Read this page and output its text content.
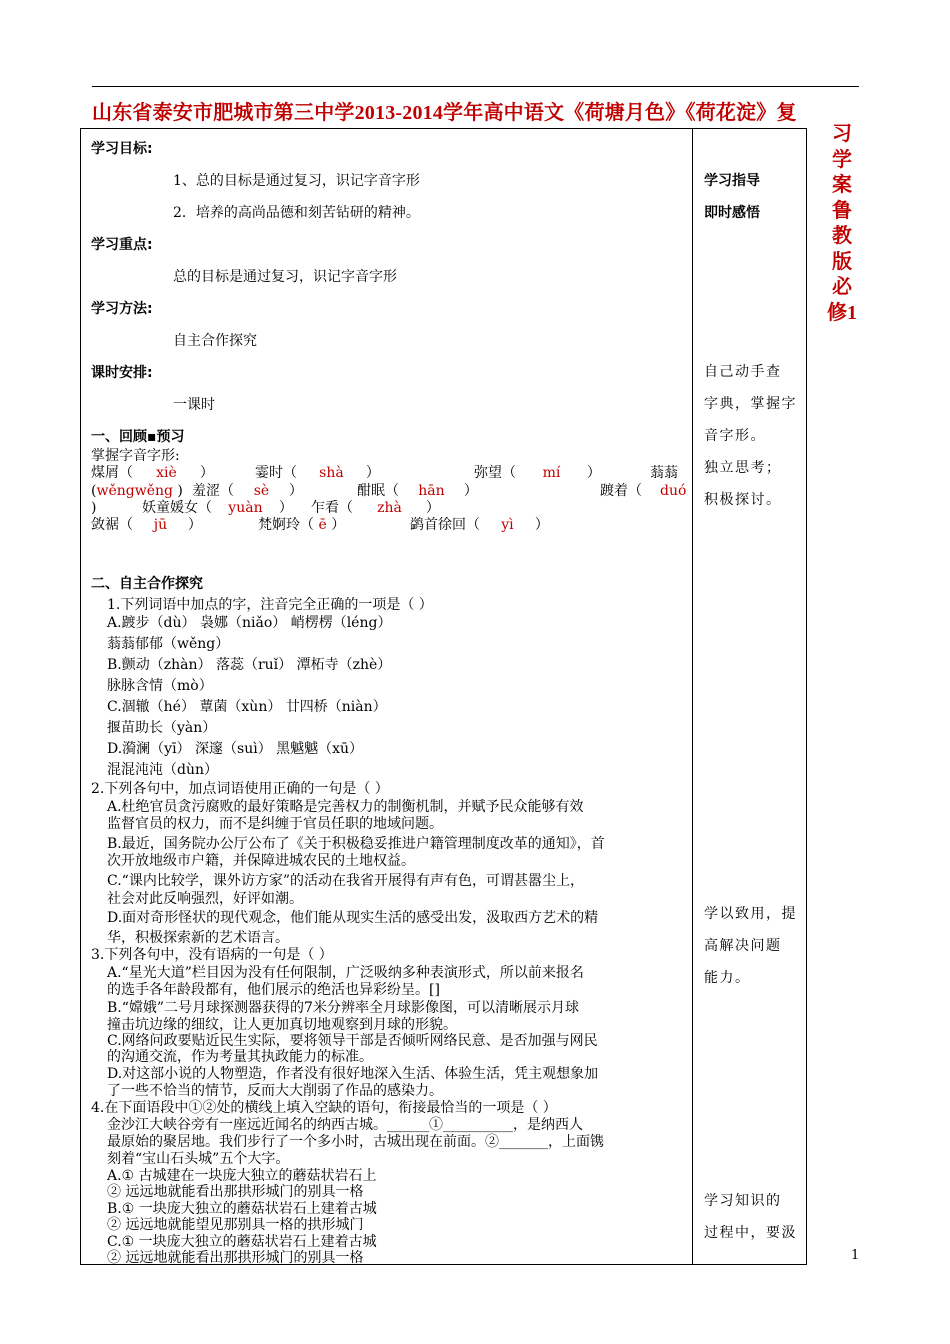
山东省泰安市肥城市第三中学2013-2014学年高中语文《荷塘月色》《荷花淀》复
习学案鲁教版必修1
学习目标:
1、总的目标是通过复习，识记字音字形
2．培养的高尚品德和刻苦钻研的精神。
学习重点:
总的目标是通过复习，识记字音字形
学习方法:
自主合作探究
课时安排:
一课时
一、回顾▪预习
掌握字音字形:
煤屑（ xiè ）	霎时（ shà ）	弥望（ mí ）	蓊蓊
(wěngwěng ) 羞涩（ sè ）	酣眠（ hān ）	踱着（ duó
)	妖童媛女（ yuàn ） 乍看（ zhà ）
敛裾（ jū ）	梵婀玲（ ē ）	鹢首徐回（ yì ）
二、自主合作探究
1.下列词语中加点的字，注音完全正确的一项是（ ）
A.踱步（dù） 袅娜（niǎo） 峭楞楞（léng）
蓊蓊郁郁（wěng）
B.颤动（zhàn） 落蕊（ruǐ） 潭柘寺（zhè）
脉脉含情（mò）
C.涸辙（hé） 蕈菌（xùn） 廿四桥（niàn）
揠苗助长（yàn）
D.漪澜（yī） 深邃（suì） 黑魆魆（xū）
混混沌沌（dùn）
2.下列各句中，加点词语使用正确的一句是（ ）
A.杜绝官员贪污腐败的最好策略是完善权力的制衡机制，并赋予民众能够有效
监督官员的权力，而不是纠缠于官员任职的地域问题。
B.最近，国务院办公厅公布了《关于积极稳妥推进户籍管理制度改革的通知》，首
次开放地级市户籍，并保障进城农民的土地权益。
C.“课内比较学，课外访方家”的活动在我省开展得有声有色，可谓甚嚣尘上，
社会对此反响强烈，好评如潮。
D.面对奇形怪状的现代观念，他们能从现实生活的感受出发，汲取西方艺术的精
华，积极探索新的艺术语言。
3.下列各句中，没有语病的一句是（ ）
A.“星光大道”栏目因为没有任何限制，广泛吸纳多种表演形式，所以前来报名
的选手各年龄段都有，他们展示的绝活也异彩纷呈。[]
B.“嫦娥”二号月球探测器获得的7米分辨率全月球影像图，可以清晰展示月球
撞击坑边缘的细纹，让人更加真切地观察到月球的形貌。
C.网络问政要贴近民生实际，要将领导干部是否倾听网络民意、是否加强与网民
的沟通交流，作为考量其执政能力的标准。
D.对这部小说的人物塑造，作者没有很好地深入生活、体验生活，凭主观想象加
了一些不恰当的情节，反而大大削弱了作品的感染力。
4.在下面语段中①②处的横线上填入空缺的语句，衔接最恰当的一项是（ ）
金沙江大峡谷旁有一座远近闻名的纳西古城。______①__________，是纳西人
最原始的聚居地。我们步行了一个多小时，古城出现在前面。②_______，上面镌
刻着“宝山石头城”五个大字。
A.① 古城建在一块庞大独立的蘑菇状岩石上
② 远远地就能看出那拱形城门的别具一格
B.① 一块庞大独立的蘑菇状岩石上建着古城
② 远远地就能望见那别具一格的拱形城门
C.① 一块庞大独立的蘑菇状岩石上建着古城
② 远远地就能看出那拱形城门的别具一格
学习指导
即时感悟
自己动手查
字典，掌握字
音字形。
独立思考；
积极探讨。
学以致用，提
高解决问题
能力。
学习知识的
过程中，要汲
1
